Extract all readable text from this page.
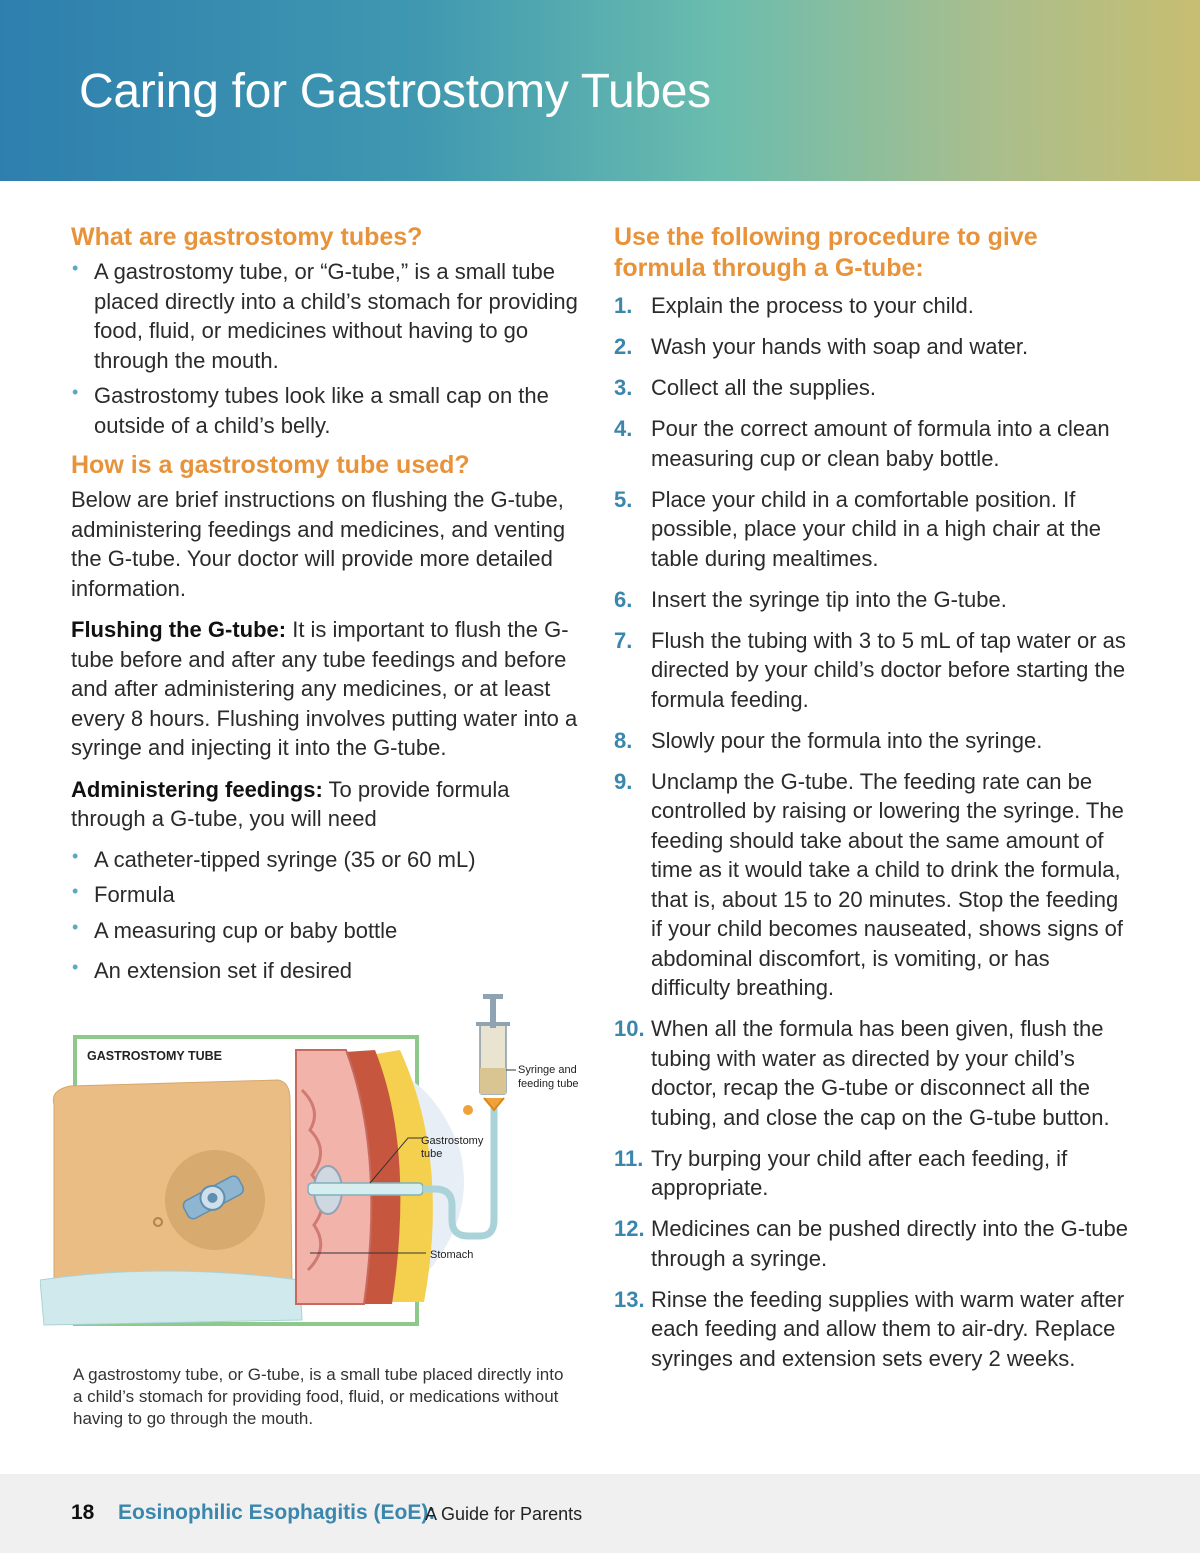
Caring for Gastrostomy Tubes
What are gastrostomy tubes?
• A gastrostomy tube, or “G-tube,” is a small tube placed directly into a child’s stomach for providing food, fluid, or medicines without having to go through the mouth.
• Gastrostomy tubes look like a small cap on the outside of a child’s belly.
How is a gastrostomy tube used?

Below are brief instructions on flushing the G-tube, administering feedings and medicines, and venting the G-tube. Your doctor will provide more detailed information.

Flushing the G-tube: It is important to flush the G-tube before and after any tube feedings and before and after administering any medicines, or at least every 8 hours. Flushing involves putting water into a syringe and injecting it into the G-tube.

Administering feedings: To provide formula through a G-tube, you will need

• A catheter-tipped syringe (35 or 60 mL)
• Formula
• A measuring cup or baby bottle
• An extension set if desired
GASTROSTOMY TUBE
Syringe and
feeding tube
Gastrostomy
tube
Stomach
A gastrostomy tube, or G-tube, is a small tube placed directly into a child’s stomach for providing food, fluid, or medications without having to go through the mouth.
Use the following procedure to give formula through a G-tube:
1. Explain the process to your child.
2. Wash your hands with soap and water.
3. Collect all the supplies.
4. Pour the correct amount of formula into a clean measuring cup or clean baby bottle.
5. Place your child in a comfortable position. If possible, place your child in a high chair at the table during mealtimes.
6. Insert the syringe tip into the G-tube.
7. Flush the tubing with 3 to 5 mL of tap water or as directed by your child’s doctor before starting the formula feeding.
8. Slowly pour the formula into the syringe.
9. Unclamp the G-tube. The feeding rate can be controlled by raising or lowering the syringe. The feeding should take about the same amount of time as it would take a child to drink the formula, that is, about 15 to 20 minutes. Stop the feeding if your child becomes nauseated, shows signs of abdominal discomfort, is vomiting, or has difficulty breathing.
10. When all the formula has been given, flush the tubing with water as directed by your child’s doctor, recap the G-tube or disconnect all the tubing, and close the cap on the G-tube button.
11. Try burping your child after each feeding, if appropriate.
12. Medicines can be pushed directly into the G-tube through a syringe.
13. Rinse the feeding supplies with warm water after each feeding and allow them to air-dry. Replace syringes and extension sets every 2 weeks.
18 Eosinophilic Esophagitis (EoE):
A Guide for Parents
